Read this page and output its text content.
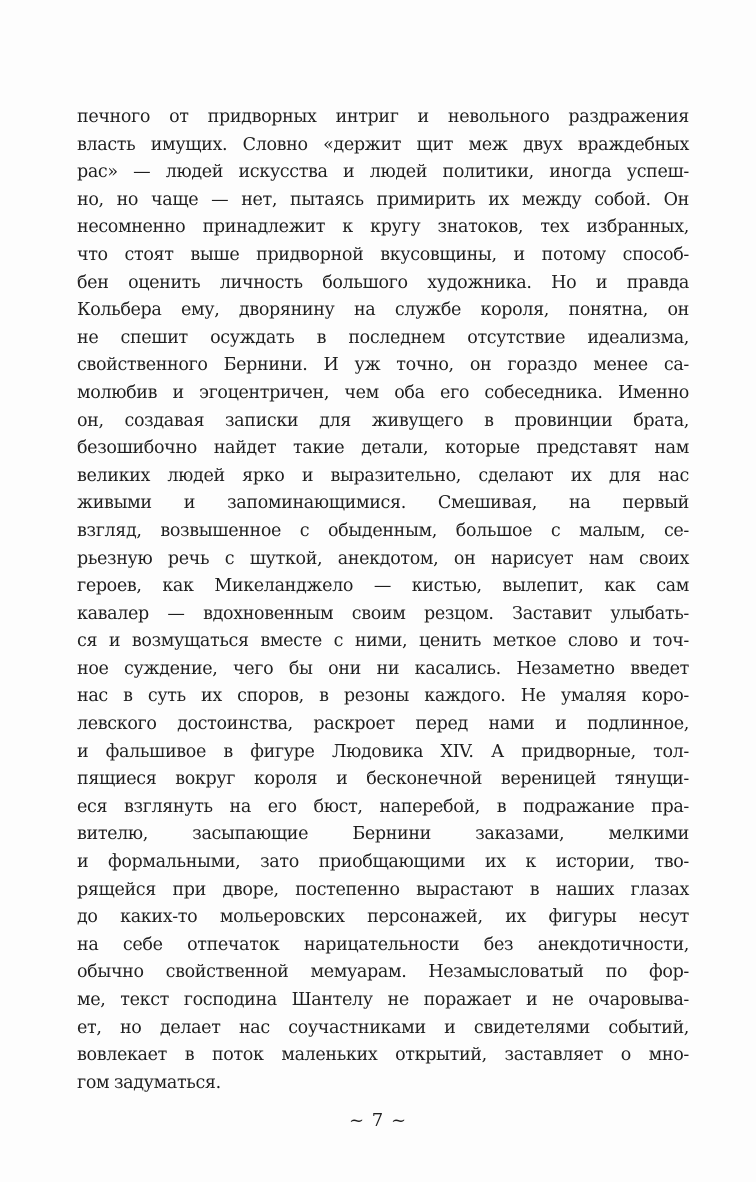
печного от придворных интриг и невольного раздражения
власть имущих. Словно «держит щит меж двух враждебных
рас» — людей искусства и людей политики, иногда успеш-
но, но чаще — нет, пытаясь примирить их между собой. Он
несомненно принадлежит к кругу знатоков, тех избранных,
что стоят выше придворной вкусовщины, и потому способ-
бен оценить личность большого художника. Но и правда
Кольбера ему, дворянину на службе короля, понятна, он
не спешит осуждать в последнем отсутствие идеализма,
свойственного Бернини. И уж точно, он гораздо менее са-
молюбив и эгоцентричен, чем оба его собеседника. Именно
он, создавая записки для живущего в провинции брата,
безошибочно найдет такие детали, которые представят нам
великих людей ярко и выразительно, сделают их для нас
живыми и запоминающимися. Смешивая, на первый
взгляд, возвышенное с обыденным, большое с малым, се-
рьезную речь с шуткой, анекдотом, он нарисует нам своих
героев, как Микеланджело — кистью, вылепит, как сам
кавалер — вдохновенным своим резцом. Заставит улыбать-
ся и возмущаться вместе с ними, ценить меткое слово и точ-
ное суждение, чего бы они ни касались. Незаметно введет
нас в суть их споров, в резоны каждого. Не умаляя коро-
левского достоинства, раскроет перед нами и подлинное,
и фальшивое в фигуре Людовика XIV. А придворные, тол-
пящиеся вокруг короля и бесконечной вереницей тянущи-
еся взглянуть на его бюст, наперебой, в подражание пра-
вителю, засыпающие Бернини заказами, мелкими
и формальными, зато приобщающими их к истории, тво-
рящейся при дворе, постепенно вырастают в наших глазах
до каких-то мольеровских персонажей, их фигуры несут
на себе отпечаток нарицательности без анекдотичности,
обычно свойственной мемуарам. Незамысловатый по фор-
ме, текст господина Шантелу не поражает и не очаровыва-
ет, но делает нас соучастниками и свидетелями событий,
вовлекает в поток маленьких открытий, заставляет о мно-
гом задуматься.
~ 7 ~
